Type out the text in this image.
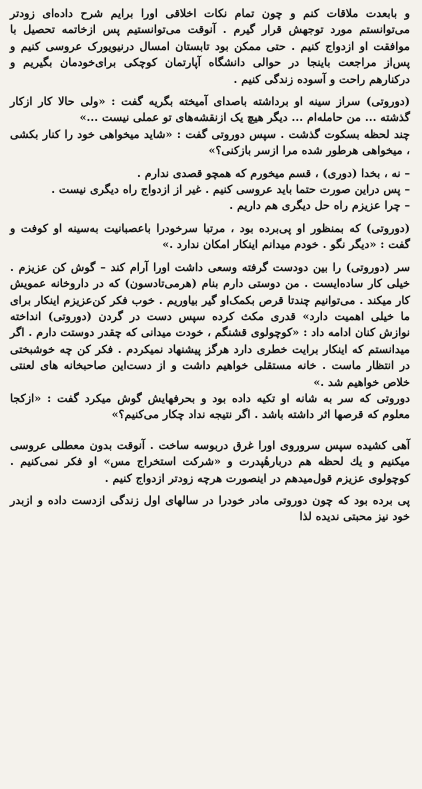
و بابعدت ملاقات کنم و چون تمام نکات اخلاقی اورا برایم شرح داده‌ای زودتر می‌توانستم مورد توجهش قرار گیرم . آنوقت می‌توانستیم پس ازخاتمه تحصیل با موافقت او ازدواج کنیم . حتی ممکن بود تابستان امسال درنیویورک عروسی کنیم و پس‌از مراجعت باینجا در حوالی دانشگاه آپارتمان کوچکی برای‌خودمان بگیریم و درکنارهم راحت و آسوده زندگی کنیم .

(دوروتی) سراز سینه او برداشته باصدای آمیخته بگریه گفت : «ولی حالا کار ازکار گذشته ... من حامله‌ام ... دیگر هیچ یک ازنقشه‌های تو عملی نیست ...»

چند لحظه بسکوت گذشت . سپس دوروتی گفت : «شاید میخواهی خود را کنار بکشی ، میخواهی هرطور شده مرا ازسر بازکنی؟»

– نه ، بخدا (دوری) ، قسم میخورم که همچو قصدی ندارم .

– پس دراین صورت حتما باید عروسی کنیم . غیر از ازدواج راه دیگری نیست .

– چرا عزیزم راه حل دیگری هم داریم .

(دوروتی) که بمنظور او پی‌برده بود ، مرتبا سرخودرا باعصبانیت به‌سینه او کوفت و گفت : «دیگر نگو . خودم میدانم اینکار امکان ندارد .»

سر (دوروتی) را بین دودست گرفته وسعی داشت اورا آرام کند – گوش کن عزیزم . خیلی کار ساده‌ایست . من دوستی دارم بنام (هرمی‌تادسون) که در داروخانه عمویش کار میکند . می‌توانیم چندتا قرص بکمک‌او گیر بیاوریم . خوب فکر کن‌عزیزم اینکار برای ما خیلی اهمیت دارد» قدری مکث کرده سپس دست در گردن (دوروتی) انداخته نوازش کنان ادامه داد : «کوچولوی قشنگم ، خودت میدانی که چقدر دوستت دارم . اگر میدانستم که اینکار برایت خطری دارد هرگز پیشنهاد نمیکردم . فکر کن چه خوشبختی در انتظار ماست . خانه مستقلی خواهیم داشت و از دست‌این صاحبخانه های لعنتی خلاص خواهیم شد .»

دوروتی که سر به شانه او تکیه داده بود و بحرفهایش گوش میکرد گفت : «ازکجا معلوم که قرصها اثر داشته باشد . اگر نتیجه نداد چکار می‌کنیم؟»

آهی کشیده سپس سروروی اورا غرق دربوسه ساخت . آنوقت بدون معطلی عروسی میکنیم و یك لحظه هم دربارهٔپدرت و «شرکت استخراج مس» او فکر نمی‌کنیم . کوچولوی عزیزم قول‌میدهم در اینصورت هرچه زودتر ازدواج کنیم .

پی برده بود که چون دوروتی مادر خودرا در سالهای اول زندگی ازدست داده و ازبدر خود نیز محبتی ندیده لذا
